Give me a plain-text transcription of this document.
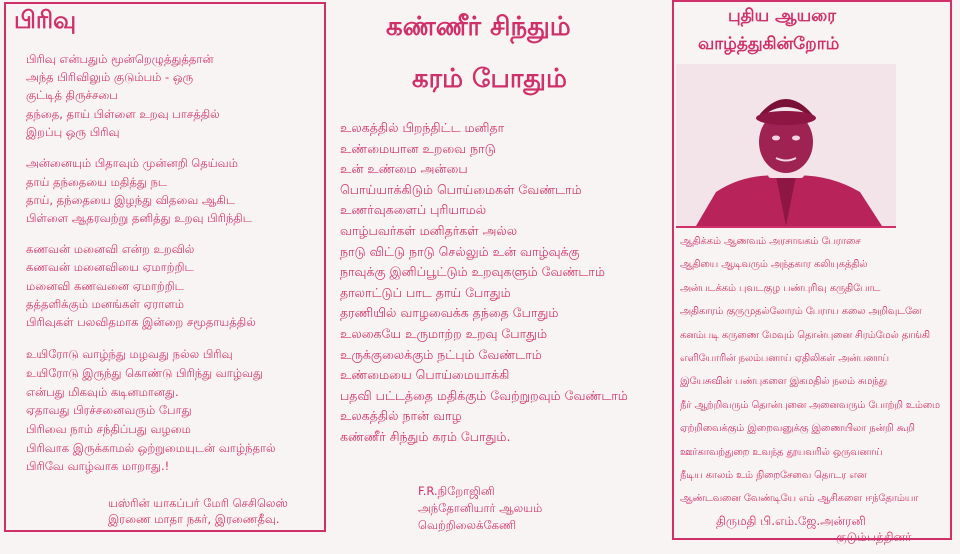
பிரிவு
பிரிவு என்பதும் மூன்றெழுத்துத்தான்
அந்த பிரிவிலும் குடும்பம் - ஒரு
குட்டித் திருச்சபை
தந்தை, தாய் பிள்ளை உறவு பாசத்தில்
இறப்பு ஒரு பிரிவு
அன்னையும் பிதாவும் முன்னறி தெய்வம்
தாய் தந்தையை மதித்து நட
தாய், தந்தையை இழந்து விதவை ஆகிட
பிள்ளை ஆதரவற்று தனித்து உறவு பிரிந்திட
கணவன் மனைவி என்ற உறவில்
கணவன் மனைவியை ஏமாற்றிட
மனைவி கணவனை ஏமாற்றிட
தத்தளிக்கும் மனங்கள் ஏராளம்
பிரிவுகள் பலவிதமாக இன்றை சமூதாயத்தில்
உயிரோடு வாழ்ந்து மழவது நல்ல பிரிவு
உயிரோடு இருந்து கொண்டு பிரிந்து வாழ்வது
என்பது மிகவும் கடினமானது.
ஏதாவது பிரச்சனைவரும் போது
பிரிவை நாம் சந்திப்பது வழமை
பிரிவாக இருக்காமல் ஒற்றுமையுடன் வாழ்ந்தால்
பிரிவே வாழ்வாக மாறாது.!
யஸ்ரின் யாகப்பர் மேரி செசிலெஸ்
இரணை மாதா நகர், இரணைதீவு.
கண்ணீர் சிந்தும்
கரம் போதும்
உலகத்தில் பிறந்திட்ட மனிதா
உண்மையான உறவை நாடு
உன் உண்மை அன்பை
பொய்யாக்கிடும் பொய்மைகள் வேண்டாம்
உணர்வுகளைப் புரியாமல்
வாழ்பவர்கள் மனிதர்கள் அல்ல
நாடு விட்டு நாடு செல்லும் உன் வாழ்வுக்கு
நாவுக்கு இனிப்பூட்டும் உறவுகளும் வேண்டாம்
தாலாட்டுப் பாட தாய் போதும்
தரணியில் வாழவைக்க தந்தை போதும்
உலகையே உருமாற்ற உறவு போதும்
உருக்குலைக்கும் நட்பும் வேண்டாம்
உண்மையை பொய்மையாக்கி
பதவி பட்டத்தை மதிக்கும் வேற்றுறவும் வேண்டாம்
உலகத்தில் நான் வாழ
கண்ணீர் சிந்தும் கரம் போதும்.
F.R.நிறோஜினி
அந்தோனியார் ஆலயம்
வெற்றிலைக்கேணி
புதிய ஆயரை
வாழ்த்துகின்றோம்
ஆதிக்கம் ஆணவம் அரசாஙகம் பேராசை
ஆதியை ஆடிவரும் அந்தகார கலியுகத்தில்
அன்படக்கம் புவடகுழ பண்புரிவு கருதிபோட
அதிகாரம் குருமுதல்லோரம் பேராய கலை அறிவுடனே
கனம்படி கருணை மேவும் தொன்புனை சிரம்மேல் தாங்கி
எளியோரின் நலம்பனாய் ஏதிலிகள் அன்பனாய்
இயேசுவின் பண்புகளை இகமதில் நலம் சுமந்து
நீர் ஆற்றிவரும் தொன்புனை அனைவரும் போற்றி உம்மை
ஏற்றிவைக்கும் இறைவனுக்கு இணையிலா நன்றி கூறி
ஊர்காவற்துறை உவந்த தூயவரில் ஒருவனாய்
நீடிய காலம் உம் நிறைசேவை தொடர என
ஆண்டவனை வேண்டியே எம் ஆசிகளை ஈந்தோம்யா
திருமதி பி.எம்.ஜே.அன்ரனி
குடும்பத்தினர்
